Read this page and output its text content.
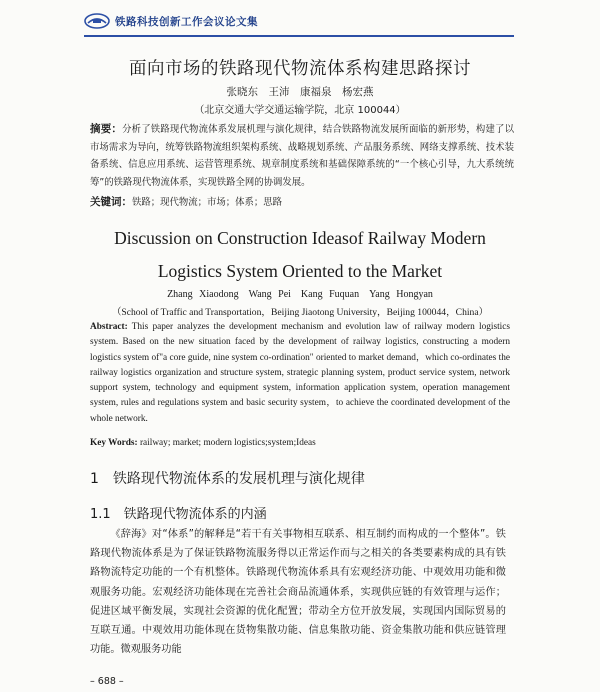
铁路科技创新工作会议论文集
面向市场的铁路现代物流体系构建思路探讨
张晓东　王沛　康福泉　杨宏燕
（北京交通大学交通运输学院，北京 100044）
摘要：分析了铁路现代物流体系发展机理与演化规律，结合铁路物流发展所面临的新形势，构建了以市场需求为导向，统筹铁路物流组织架构系统、战略规划系统、产品服务系统、网络支撑系统、技术装备系统、信息应用系统、运营管理系统、规章制度系统和基础保障系统的“一个核心引导，九大系统统筹”的铁路现代物流体系，实现铁路全网的协调发展。
关键词：铁路；现代物流；市场；体系；思路
Discussion on Construction Ideasof Railway Modern
Logistics System Oriented to the Market
Zhang Xiaodong　Wang Pei　Kang Fuquan　Yang Hongyan
（School of Traffic and Transportation，Beijing Jiaotong University，Beijing 100044，China）
Abstract: This paper analyzes the development mechanism and evolution law of railway modern logistics system. Based on the new situation faced by the development of railway logistics, constructing a modern logistics system of"a core guide, nine system co-ordination" oriented to market demand，which co-ordinates the railway logistics organization and structure system, strategic planning system, product service system, network support system, technology and equipment system, information application system, operation management system, rules and regulations system and basic security system，to achieve the coordinated development of the whole network.
Key Words: railway; market; modern logistics;system;Ideas
1　铁路现代物流体系的发展机理与演化规律
1.1　铁路现代物流体系的内涵

《辞海》对“体系”的解释是“若干有关事物相互联系、相互制约而构成的一个整体”。铁路现代物流体系是为了保证铁路物流服务得以正常运作而与之相关的各类要素构成的具有铁路物流特定功能的一个有机整体。铁路现代物流体系具有宏观经济功能、中观效用功能和微观服务功能。宏观经济功能体现在完善社会商品流通体系，实现供应链的有效管理与运作；促进区域平衡发展，实现社会资源的优化配置；带动全方位开放发展，实现国内国际贸易的互联互通。中观效用功能体现在货物集散功能、信息集散功能、资金集散功能和供应链管理功能。微观服务功能

– 688 –
